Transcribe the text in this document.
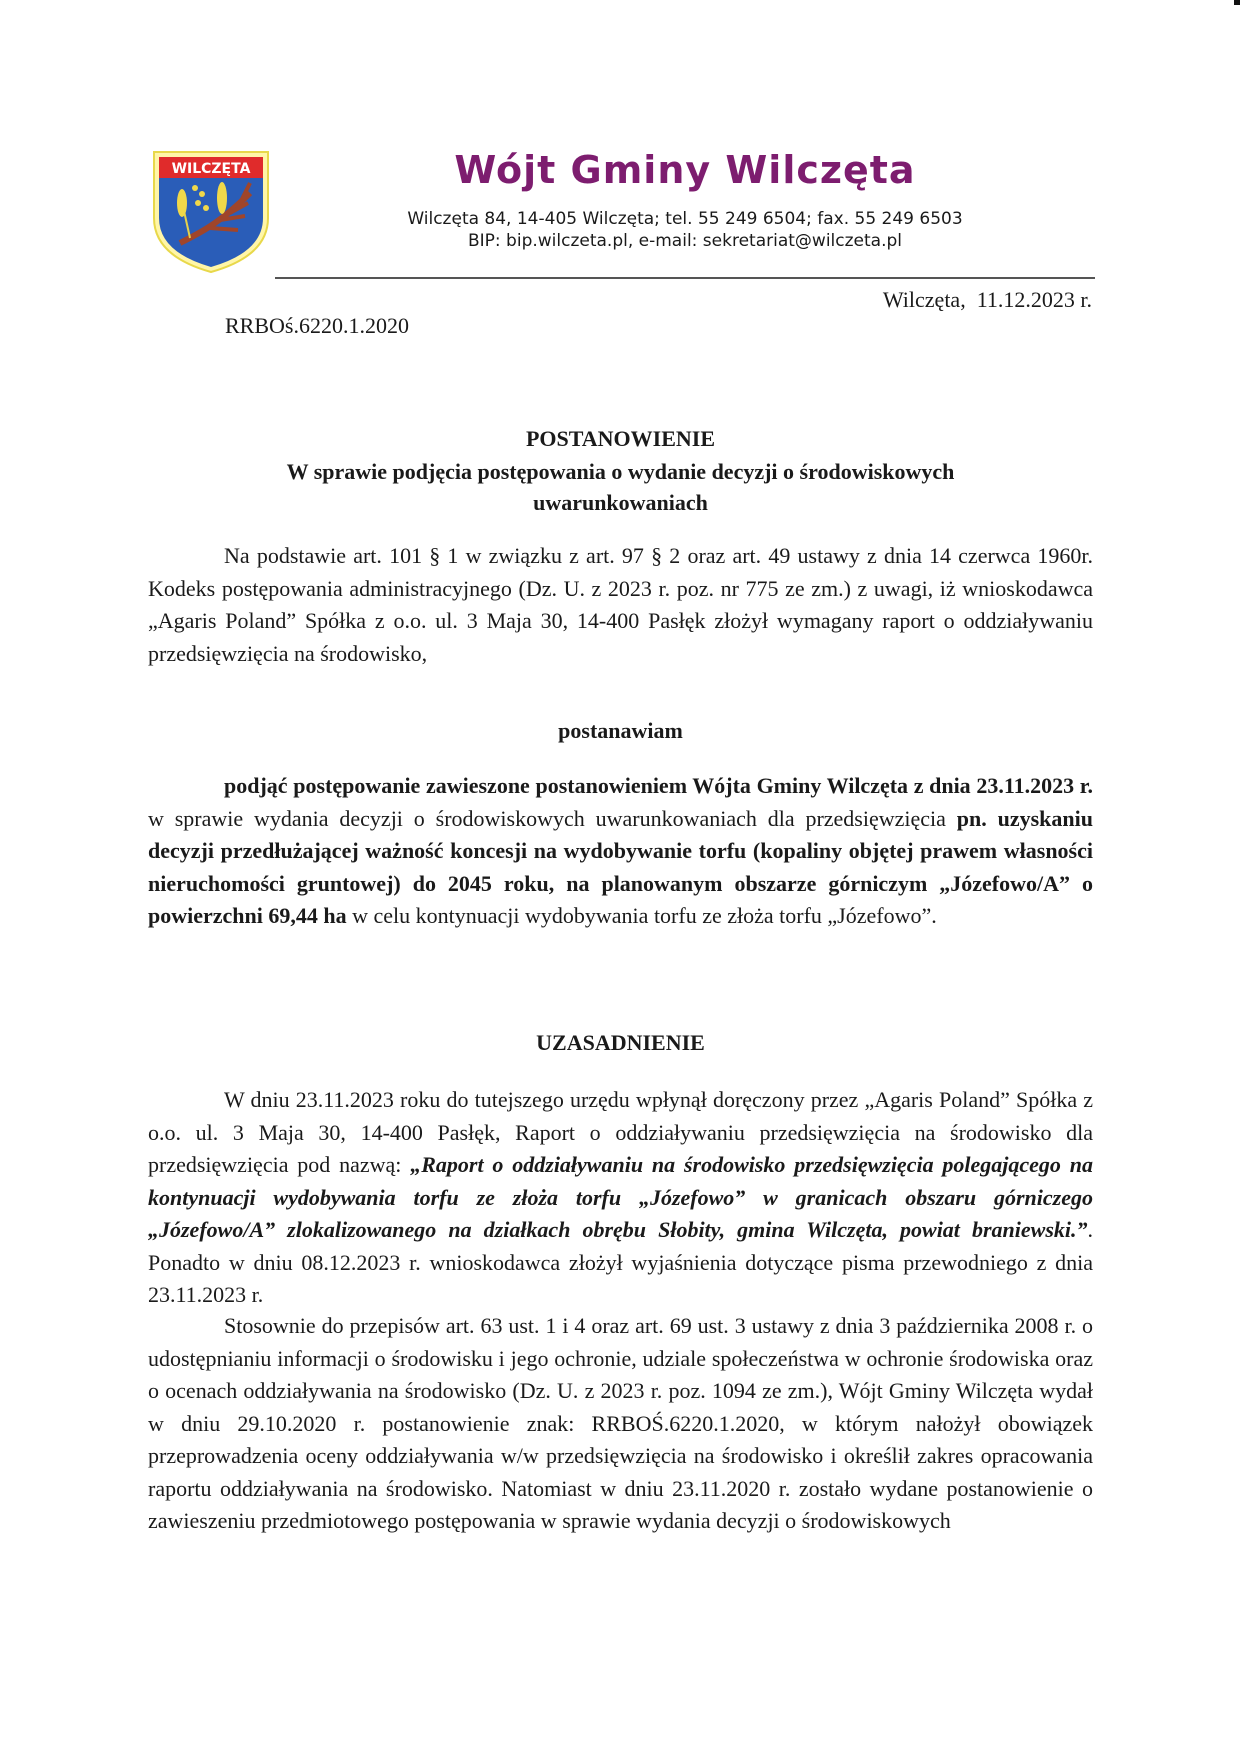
WILCZĘTA	Wójt Gminy Wilczęta
Wilczęta 84, 14-405 Wilczęta; tel. 55 249 6504; fax. 55 249 6503
BIP: bip.wilczeta.pl, e-mail: sekretariat@wilczeta.pl
Wilczęta,  11.12.2023 r.
RRBOś.6220.1.2020
POSTANOWIENIE
W sprawie podjęcia postępowania o wydanie decyzji o środowiskowych
uwarunkowaniach
Na podstawie art. 101 § 1 w związku z art. 97 § 2 oraz art. 49 ustawy z dnia 14 czerwca 1960r. Kodeks postępowania administracyjnego (Dz. U. z 2023 r. poz. nr 775 ze zm.) z uwagi, iż wnioskodawca „Agaris Poland” Spółka z o.o. ul. 3 Maja 30, 14-400 Pasłęk złożył wymagany raport o oddziaływaniu przedsięwzięcia na środowisko,
postanawiam
podjąć postępowanie zawieszone postanowieniem Wójta Gminy Wilczęta z dnia 23.11.2023 r. w sprawie wydania decyzji o środowiskowych uwarunkowaniach dla przedsięwzięcia pn. uzyskaniu decyzji przedłużającej ważność koncesji na wydobywanie torfu (kopaliny objętej prawem własności nieruchomości gruntowej) do 2045 roku, na planowanym obszarze górniczym „Józefowo/A” o powierzchni 69,44 ha w celu kontynuacji wydobywania torfu ze złoża torfu „Józefowo”.
UZASADNIENIE
W dniu 23.11.2023 roku do tutejszego urzędu wpłynął doręczony przez „Agaris Poland” Spółka z o.o. ul. 3 Maja 30, 14-400 Pasłęk, Raport o oddziaływaniu przedsięwzięcia na środowisko dla przedsięwzięcia pod nazwą: „Raport o oddziaływaniu na środowisko przedsięwzięcia polegającego na kontynuacji wydobywania torfu ze złoża torfu „Józefowo” w granicach obszaru górniczego „Józefowo/A” zlokalizowanego na działkach obrębu Słobity, gmina Wilczęta, powiat braniewski.”. Ponadto w dniu 08.12.2023 r. wnioskodawca złożył wyjaśnienia dotyczące pisma przewodniego z dnia 23.11.2023 r.
Stosownie do przepisów art. 63 ust. 1 i 4 oraz art. 69 ust. 3 ustawy z dnia 3 października 2008 r. o udostępnianiu informacji o środowisku i jego ochronie, udziale społeczeństwa w ochronie środowiska oraz o ocenach oddziaływania na środowisko (Dz. U. z 2023 r. poz. 1094 ze zm.), Wójt Gminy Wilczęta wydał w dniu 29.10.2020 r. postanowienie znak: RRBOŚ.6220.1.2020, w którym nałożył obowiązek przeprowadzenia oceny oddziaływania w/w przedsięwzięcia na środowisko i określił zakres opracowania raportu oddziaływania na środowisko. Natomiast w dniu 23.11.2020 r. zostało wydane postanowienie o zawieszeniu przedmiotowego postępowania w sprawie wydania decyzji o środowiskowych
